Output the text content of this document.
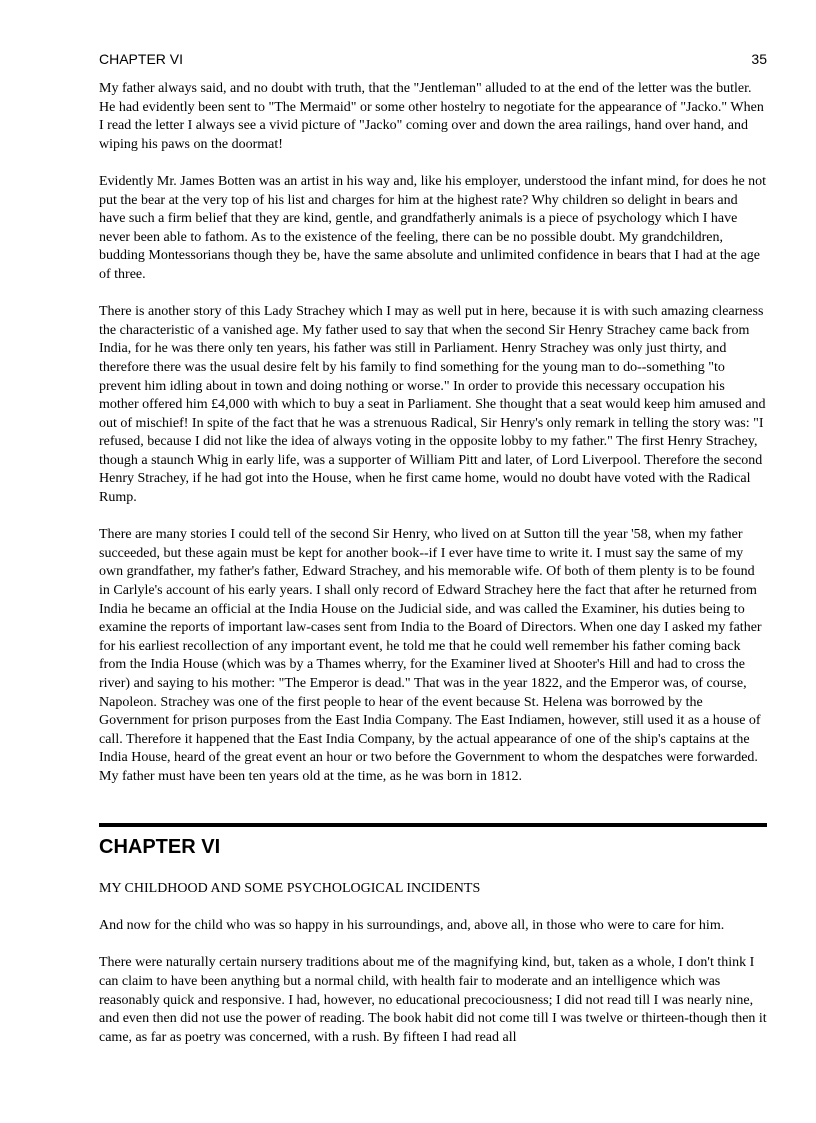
CHAPTER VI	35

My father always said, and no doubt with truth, that the "Jentleman" alluded to at the end of the letter was the butler. He had evidently been sent to "The Mermaid" or some other hostelry to negotiate for the appearance of "Jacko." When I read the letter I always see a vivid picture of "Jacko" coming over and down the area railings, hand over hand, and wiping his paws on the doormat!

Evidently Mr. James Botten was an artist in his way and, like his employer, understood the infant mind, for does he not put the bear at the very top of his list and charges for him at the highest rate? Why children so delight in bears and have such a firm belief that they are kind, gentle, and grandfatherly animals is a piece of psychology which I have never been able to fathom. As to the existence of the feeling, there can be no possible doubt. My grandchildren, budding Montessorians though they be, have the same absolute and unlimited confidence in bears that I had at the age of three.

There is another story of this Lady Strachey which I may as well put in here, because it is with such amazing clearness the characteristic of a vanished age. My father used to say that when the second Sir Henry Strachey came back from India, for he was there only ten years, his father was still in Parliament. Henry Strachey was only just thirty, and therefore there was the usual desire felt by his family to find something for the young man to do--something "to prevent him idling about in town and doing nothing or worse." In order to provide this necessary occupation his mother offered him £4,000 with which to buy a seat in Parliament. She thought that a seat would keep him amused and out of mischief! In spite of the fact that he was a strenuous Radical, Sir Henry's only remark in telling the story was: "I refused, because I did not like the idea of always voting in the opposite lobby to my father." The first Henry Strachey, though a staunch Whig in early life, was a supporter of William Pitt and later, of Lord Liverpool. Therefore the second Henry Strachey, if he had got into the House, when he first came home, would no doubt have voted with the Radical Rump.

There are many stories I could tell of the second Sir Henry, who lived on at Sutton till the year '58, when my father succeeded, but these again must be kept for another book--if I ever have time to write it. I must say the same of my own grandfather, my father's father, Edward Strachey, and his memorable wife. Of both of them plenty is to be found in Carlyle's account of his early years. I shall only record of Edward Strachey here the fact that after he returned from India he became an official at the India House on the Judicial side, and was called the Examiner, his duties being to examine the reports of important law-cases sent from India to the Board of Directors. When one day I asked my father for his earliest recollection of any important event, he told me that he could well remember his father coming back from the India House (which was by a Thames wherry, for the Examiner lived at Shooter's Hill and had to cross the river) and saying to his mother: "The Emperor is dead." That was in the year 1822, and the Emperor was, of course, Napoleon. Strachey was one of the first people to hear of the event because St. Helena was borrowed by the Government for prison purposes from the East India Company. The East Indiamen, however, still used it as a house of call. Therefore it happened that the East India Company, by the actual appearance of one of the ship's captains at the India House, heard of the great event an hour or two before the Government to whom the despatches were forwarded. My father must have been ten years old at the time, as he was born in 1812.

CHAPTER VI

MY CHILDHOOD AND SOME PSYCHOLOGICAL INCIDENTS

And now for the child who was so happy in his surroundings, and, above all, in those who were to care for him.

There were naturally certain nursery traditions about me of the magnifying kind, but, taken as a whole, I don't think I can claim to have been anything but a normal child, with health fair to moderate and an intelligence which was reasonably quick and responsive. I had, however, no educational precociousness; I did not read till I was nearly nine, and even then did not use the power of reading. The book habit did not come till I was twelve or thirteen-though then it came, as far as poetry was concerned, with a rush. By fifteen I had read all
